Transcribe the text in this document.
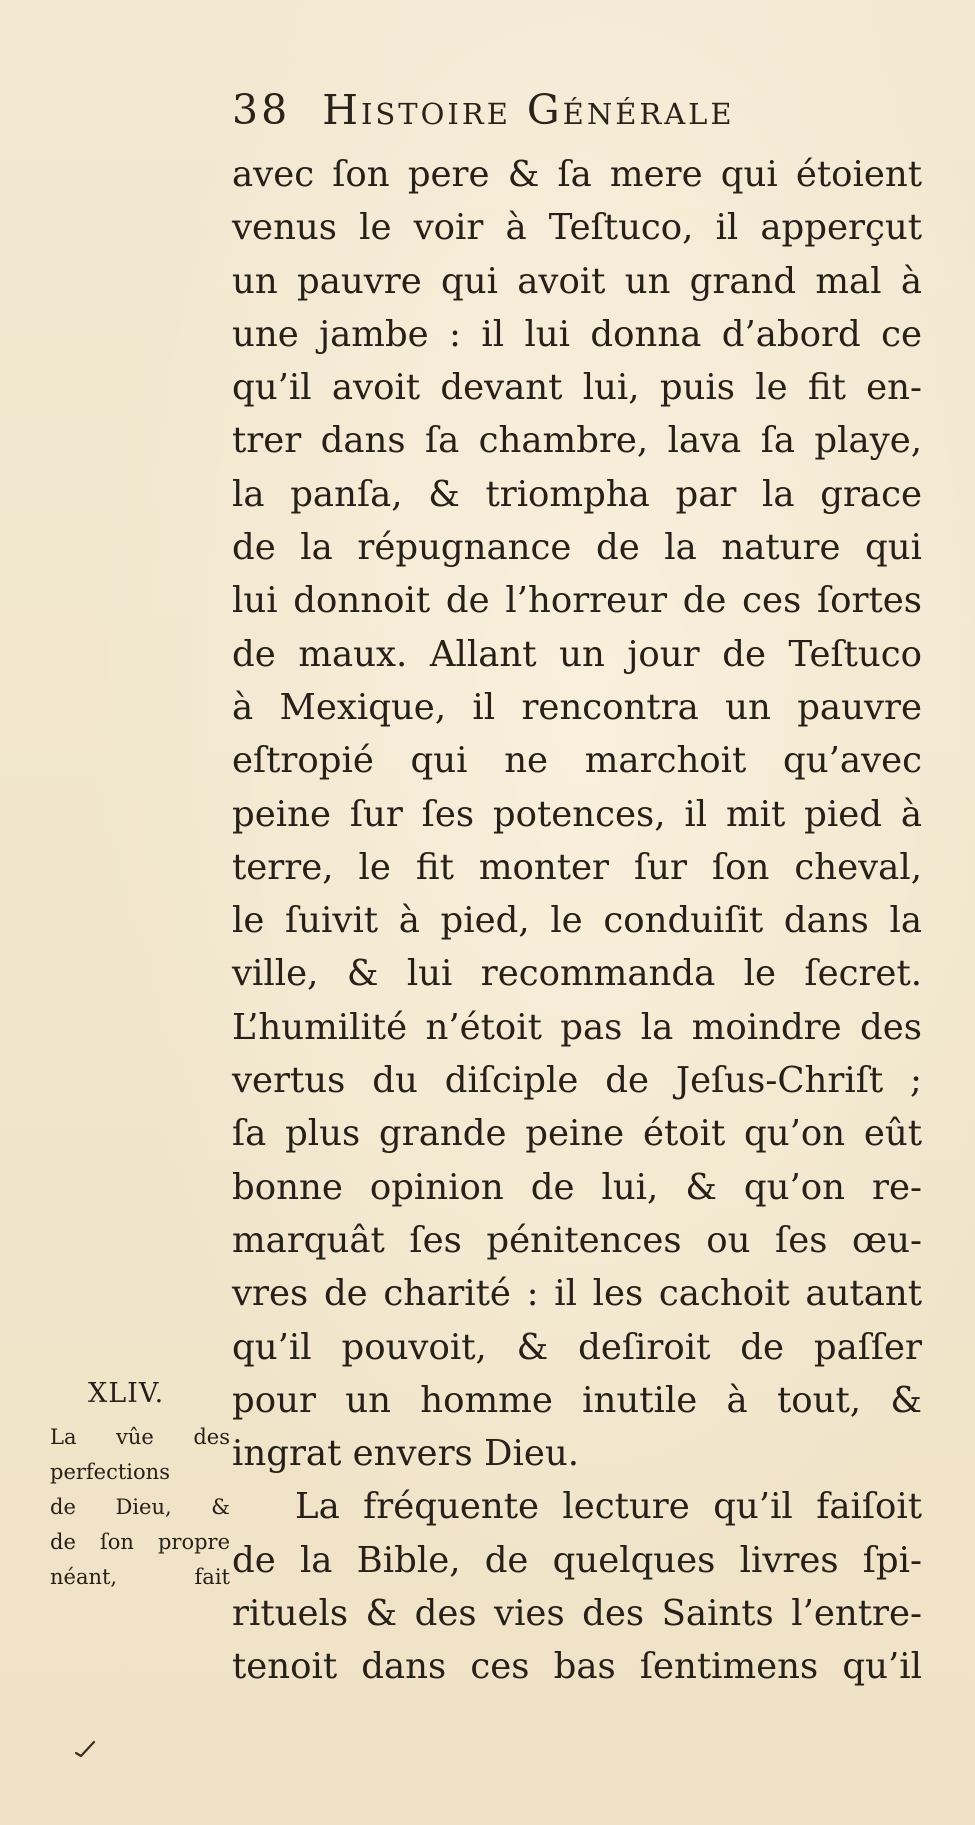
38 Histoire Générale
avec ſon pere & ſa mere qui étoient
venus le voir à Teſtuco, il apperçut
un pauvre qui avoit un grand mal à
une jambe : il lui donna d’abord ce
qu’il avoit devant lui, puis le fit en-
trer dans ſa chambre, lava ſa playe,
la panſa, & triompha par la grace
de la répugnance de la nature qui
lui donnoit de l’horreur de ces ſortes
de maux. Allant un jour de Teſtuco
à Mexique, il rencontra un pauvre
eſtropié qui ne marchoit qu’avec
peine ſur ſes potences, il mit pied à
terre, le fit monter ſur ſon cheval,
le ſuivit à pied, le conduiſit dans la
ville, & lui recommanda le ſecret.
L’humilité n’étoit pas la moindre des
vertus du diſciple de Jeſus-Chriſt ;
ſa plus grande peine étoit qu’on eût
bonne opinion de lui, & qu’on re-
marquât ſes pénitences ou ſes œu-
vres de charité : il les cachoit autant
qu’il pouvoit, & deſiroit de paſſer
pour un homme inutile à tout, &
ingrat envers Dieu.
La fréquente lecture qu’il faiſoit
de la Bible, de quelques livres ſpi-
rituels & des vies des Saints l’entre-
tenoit dans ces bas ſentimens qu’il
XLIV.
La vûe des
perfections
de Dieu, &
de ſon propre
néant, fait
